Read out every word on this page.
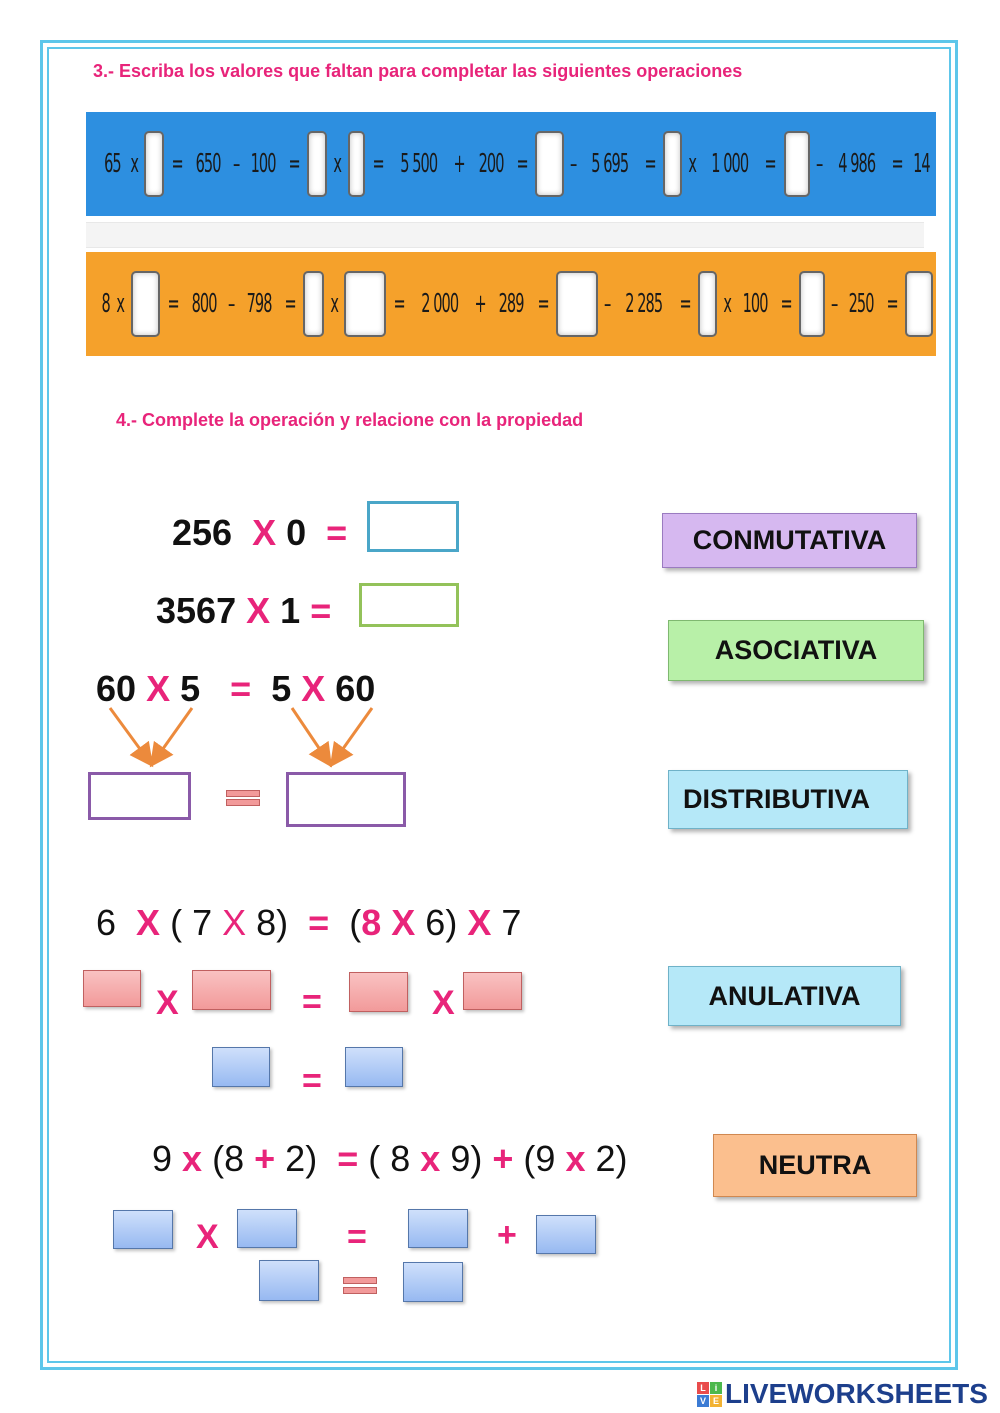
3.- Escriba los valores que faltan para completar las siguientes operaciones
65 x = 650 – 100 = x = 5 500 + 200 = – 5 695 = x 1 000 = – 4 986 = 14
8 x = 800 – 798 = x = 2 000 + 289 = – 2 285 = x 100 = – 250 =
4.- Complete la operación y relacione con la propiedad
256 X 0 =
3567 X 1 =
60 X 5 = 5 X 60
6 X ( 7 X 8) = (8 X 6) X 7
X	=	X
=
9 x (8 + 2) = ( 8 x 9) + (9 x 2)
X	=	+
CONMUTATIVA
ASOCIATIVA
DISTRIBUTIVA
ANULATIVA
NEUTRA
L i
V E LIVEWORKSHEETS
